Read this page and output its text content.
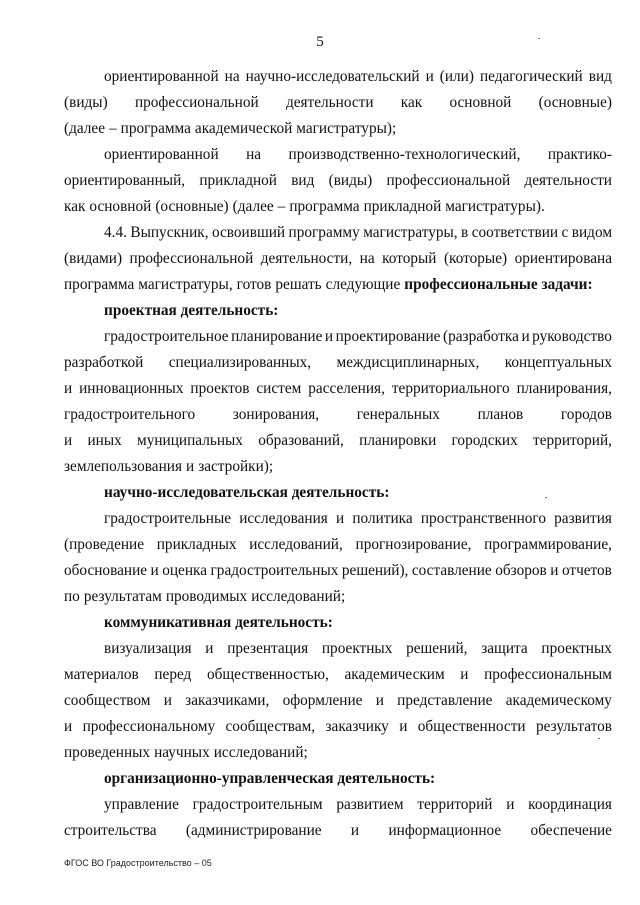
5
ориентированной на научно-исследовательский и (или) педагогический вид
(виды) профессиональной деятельности как основной (основные)
(далее – программа академической магистратуры);
ориентированной на производственно-технологический, практико-
ориентированный, прикладной вид (виды) профессиональной деятельности
как основной (основные) (далее – программа прикладной магистратуры).
4.4. Выпускник, освоивший программу магистратуры, в соответствии с видом
(видами) профессиональной деятельности, на который (которые) ориентирована
программа магистратуры, готов решать следующие профессиональные задачи:
проектная деятельность:
градостроительное планирование и проектирование (разработка и руководство
разработкой специализированных, междисциплинарных, концептуальных
и инновационных проектов систем расселения, территориального планирования,
градостроительного зонирования, генеральных планов городов
и иных муниципальных образований, планировки городских территорий,
землепользования и застройки);
научно-исследовательская деятельность:
градостроительные исследования и политика пространственного развития
(проведение прикладных исследований, прогнозирование, программирование,
обоснование и оценка градостроительных решений), составление обзоров и отчетов
по результатам проводимых исследований;
коммуникативная деятельность:
визуализация и презентация проектных решений, защита проектных
материалов перед общественностью, академическим и профессиональным
сообществом и заказчиками, оформление и представление академическому
и профессиональному сообществам, заказчику и общественности результатов
проведенных научных исследований;
организационно-управленческая деятельность:
управление градостроительным развитием территорий и координация
строительства (администрирование и информационное обеспечение
ФГОС ВО Градостроительство – 05
